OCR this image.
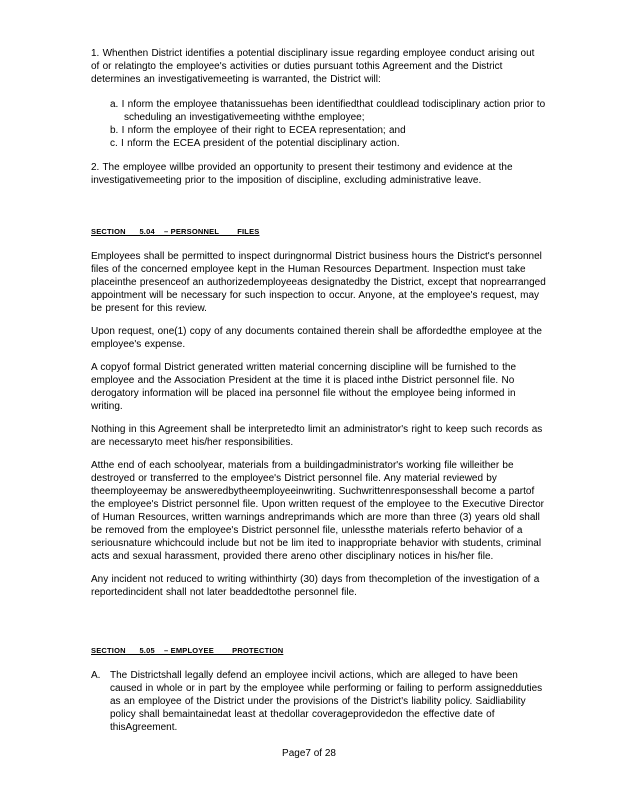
1. Whenthen District identifies a potential disciplinary issue regarding employee conduct arising out of or relatingto the employee's activities or duties pursuant tothis Agreement and the District determines an investigativemeeting is warranted, the District will:

a. I nform the employee thatanissuehas been identifiedthat couldlead todisciplinary action prior to scheduling an investigativemeeting withthe employee;

b. I nform the employee of their right to ECEA representation; and

c. I nform the ECEA president of the potential disciplinary action.

2. The employee willbe provided an opportunity to present their testimony and evidence at the investigativemeeting prior to the imposition of discipline, excluding administrative leave.

SECTION      5.04    – PERSONNEL        FILES

Employees shall be permitted to inspect duringnormal District business hours the District's personnel files of the concerned employee kept in the Human Resources Department. Inspection must take placeinthe presenceof an authorizedemployeeas designatedby the District, except that noprearranged appointment will be necessary for such inspection to occur. Anyone, at the employee's request, may be present for this review.

Upon request, one(1) copy of any documents contained therein shall be affordedthe employee at the employee's expense.

A copyof formal District generated written material concerning discipline will be furnished to the employee and the Association President at the time it is placed inthe District personnel file. No derogatory information will be placed ina personnel file without the employee being informed in writing.

Nothing in this Agreement shall be interpretedto limit an administrator's right to keep such records as are necessaryto meet his/her responsibilities.

Atthe end of each schoolyear, materials from a buildingadministrator's working file willeither be destroyed or transferred to the employee's District personnel file. Any material reviewed by theemployeemay be answeredbytheemployeeinwriting. Suchwrittenresponsesshall become a partof the employee's District personnel file. Upon written request of the employee to the Executive Director of Human Resources, written warnings andreprimands which are more than three (3) years old shall be removed from the employee's District personnel file, unlessthe materials referto behavior of a seriousnature whichcould include but not be lim ited to inappropriate behavior with students, criminal acts and sexual harassment, provided there areno other disciplinary notices in his/her file.

Any incident not reduced to writing withinthirty (30) days from thecompletion of the investigation of a reportedincident shall not later beaddedtothe personnel file.

SECTION      5.05    – EMPLOYEE        PROTECTION
A. The Districtshall legally defend an employee incivil actions, which are alleged to have been caused in whole or in part by the employee while performing or failing to perform assignedduties as an employee of the District under the provisions of the District's liability policy. Saidliability policy shall bemaintainedat least at thedollar coverageprovidedon the effective date of thisAgreement.
Page7 of 28
